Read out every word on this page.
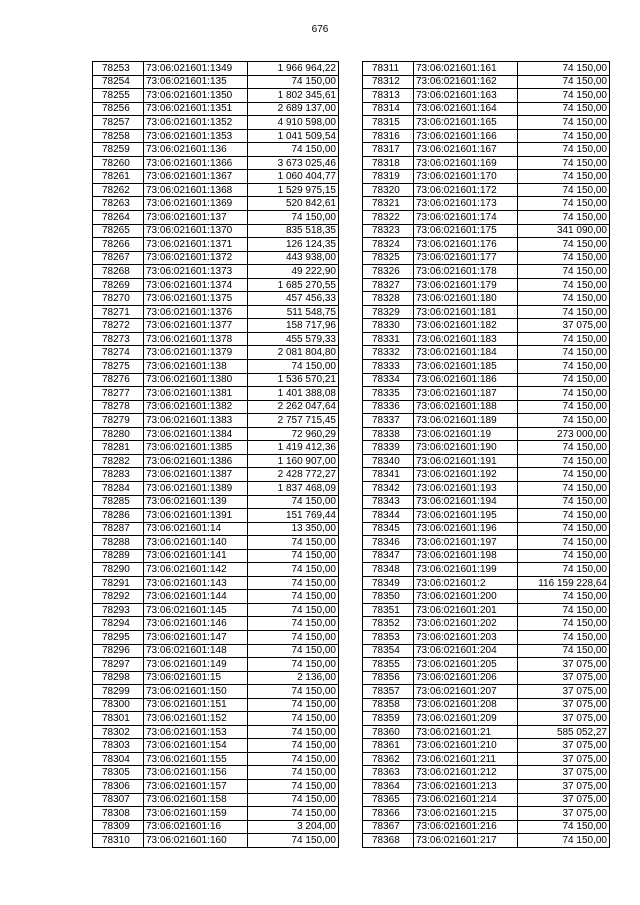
676
78253	73:06:021601:1349	1 966 964,22
78254	73:06:021601:135	74 150,00
78255	73:06:021601:1350	1 802 345,61
78256	73:06:021601:1351	2 689 137,00
78257	73:06:021601:1352	4 910 598,00
78258	73:06:021601:1353	1 041 509,54
78259	73:06:021601:136	74 150,00
78260	73:06:021601:1366	3 673 025,46
78261	73:06:021601:1367	1 060 404,77
78262	73:06:021601:1368	1 529 975,15
78263	73:06:021601:1369	520 842,61
78264	73:06:021601:137	74 150,00
78265	73:06:021601:1370	835 518,35
78266	73:06:021601:1371	126 124,35
78267	73:06:021601:1372	443 938,00
78268	73:06:021601:1373	49 222,90
78269	73:06:021601:1374	1 685 270,55
78270	73:06:021601:1375	457 456,33
78271	73:06:021601:1376	511 548,75
78272	73:06:021601:1377	158 717,96
78273	73:06:021601:1378	455 579,33
78274	73:06:021601:1379	2 081 804,80
78275	73:06:021601:138	74 150,00
78276	73:06:021601:1380	1 536 570,21
78277	73:06:021601:1381	1 401 388,08
78278	73:06:021601:1382	2 262 047,64
78279	73:06:021601:1383	2 757 715,45
78280	73:06:021601:1384	72 960,29
78281	73:06:021601:1385	1 419 412,36
78282	73:06:021601:1386	1 160 907,00
78283	73:06:021601:1387	2 428 772,27
78284	73:06:021601:1389	1 837 468,09
78285	73:06:021601:139	74 150,00
78286	73:06:021601:1391	151 769,44
78287	73:06:021601:14	13 350,00
78288	73:06:021601:140	74 150,00
78289	73:06:021601:141	74 150,00
78290	73:06:021601:142	74 150,00
78291	73:06:021601:143	74 150,00
78292	73:06:021601:144	74 150,00
78293	73:06:021601:145	74 150,00
78294	73:06:021601:146	74 150,00
78295	73:06:021601:147	74 150,00
78296	73:06:021601:148	74 150,00
78297	73:06:021601:149	74 150,00
78298	73:06:021601:15	2 136,00
78299	73:06:021601:150	74 150,00
78300	73:06:021601:151	74 150,00
78301	73:06:021601:152	74 150,00
78302	73:06:021601:153	74 150,00
78303	73:06:021601:154	74 150,00
78304	73:06:021601:155	74 150,00
78305	73:06:021601:156	74 150,00
78306	73:06:021601:157	74 150,00
78307	73:06:021601:158	74 150,00
78308	73:06:021601:159	74 150,00
78309	73:06:021601:16	3 204,00
78310	73:06:021601:160	74 150,00
78311	73:06:021601:161	74 150,00
78312	73:06:021601:162	74 150,00
78313	73:06:021601:163	74 150,00
78314	73:06:021601:164	74 150,00
78315	73:06:021601:165	74 150,00
78316	73:06:021601:166	74 150,00
78317	73:06:021601:167	74 150,00
78318	73:06:021601:169	74 150,00
78319	73:06:021601:170	74 150,00
78320	73:06:021601:172	74 150,00
78321	73:06:021601:173	74 150,00
78322	73:06:021601:174	74 150,00
78323	73:06:021601:175	341 090,00
78324	73:06:021601:176	74 150,00
78325	73:06:021601:177	74 150,00
78326	73:06:021601:178	74 150,00
78327	73:06:021601:179	74 150,00
78328	73:06:021601:180	74 150,00
78329	73:06:021601:181	74 150,00
78330	73:06:021601:182	37 075,00
78331	73:06:021601:183	74 150,00
78332	73:06:021601:184	74 150,00
78333	73:06:021601:185	74 150,00
78334	73:06:021601:186	74 150,00
78335	73:06:021601:187	74 150,00
78336	73:06:021601:188	74 150,00
78337	73:06:021601:189	74 150,00
78338	73:06:021601:19	273 000,00
78339	73:06:021601:190	74 150,00
78340	73:06:021601:191	74 150,00
78341	73:06:021601:192	74 150,00
78342	73:06:021601:193	74 150,00
78343	73:06:021601:194	74 150,00
78344	73:06:021601:195	74 150,00
78345	73:06:021601:196	74 150,00
78346	73:06:021601:197	74 150,00
78347	73:06:021601:198	74 150,00
78348	73:06:021601:199	74 150,00
78349	73:06:021601:2	116 159 228,64
78350	73:06:021601:200	74 150,00
78351	73:06:021601:201	74 150,00
78352	73:06:021601:202	74 150,00
78353	73:06:021601:203	74 150,00
78354	73:06:021601:204	74 150,00
78355	73:06:021601:205	37 075,00
78356	73:06:021601:206	37 075,00
78357	73:06:021601:207	37 075,00
78358	73:06:021601:208	37 075,00
78359	73:06:021601:209	37 075,00
78360	73:06:021601:21	585 052,27
78361	73:06:021601:210	37 075,00
78362	73:06:021601:211	37 075,00
78363	73:06:021601:212	37 075,00
78364	73:06:021601:213	37 075,00
78365	73:06:021601:214	37 075,00
78366	73:06:021601:215	37 075,00
78367	73:06:021601:216	74 150,00
78368	73:06:021601:217	74 150,00
